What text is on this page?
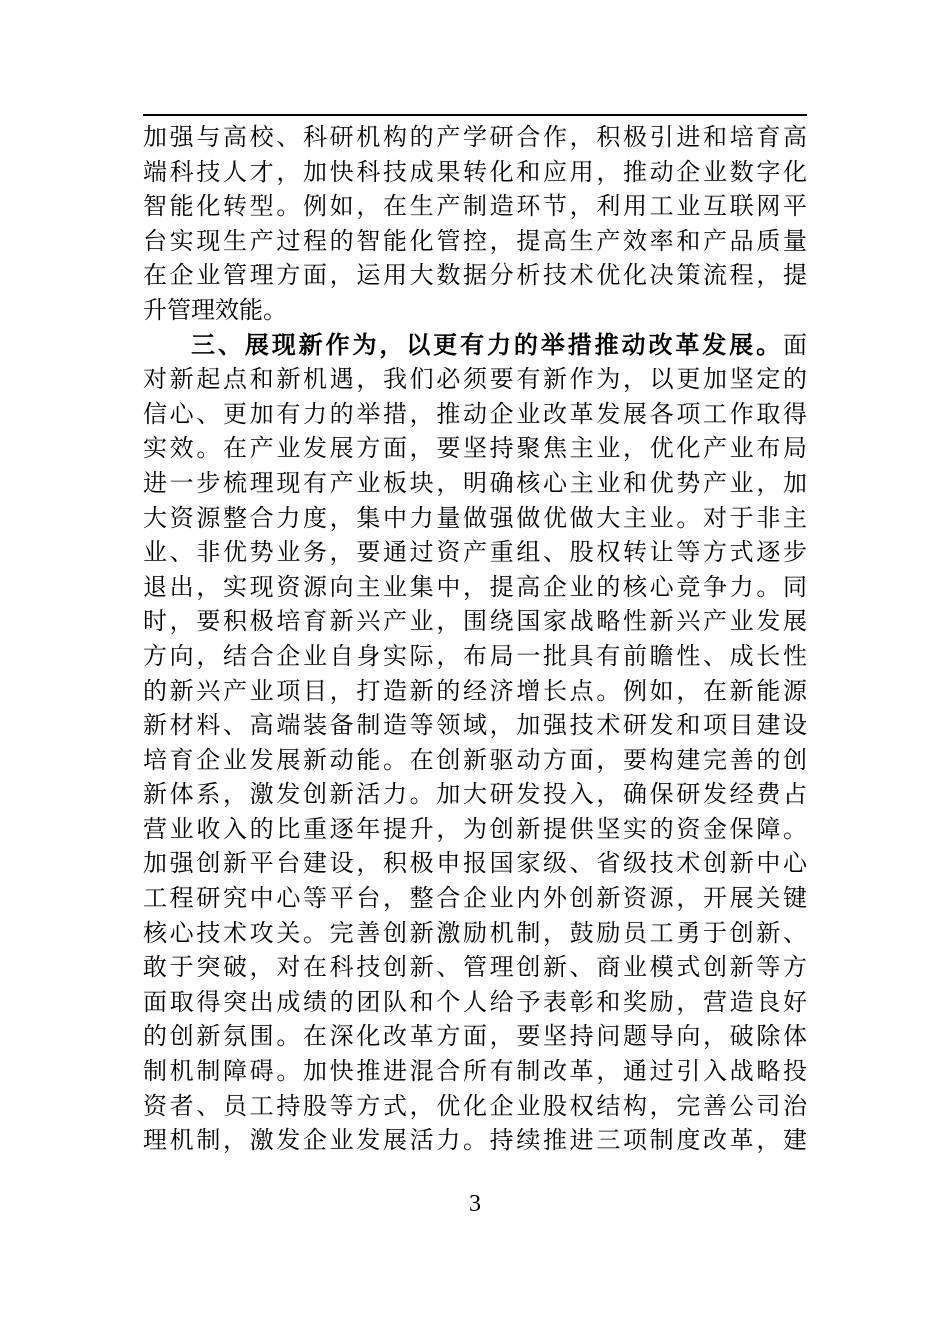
加强与高校、科研机构的产学研合作，积极引进和培育高
端科技人才，加快科技成果转化和应用，推动企业数字化
智能化转型。例如，在生产制造环节，利用工业互联网平
台实现生产过程的智能化管控，提高生产效率和产品质量
在企业管理方面，运用大数据分析技术优化决策流程，提
升管理效能。
三、展现新作为，以更有力的举措推动改革发展。面
对新起点和新机遇，我们必须要有新作为，以更加坚定的
信心、更加有力的举措，推动企业改革发展各项工作取得
实效。在产业发展方面，要坚持聚焦主业，优化产业布局
进一步梳理现有产业板块，明确核心主业和优势产业，加
大资源整合力度，集中力量做强做优做大主业。对于非主
业、非优势业务，要通过资产重组、股权转让等方式逐步
退出，实现资源向主业集中，提高企业的核心竞争力。同
时，要积极培育新兴产业，围绕国家战略性新兴产业发展
方向，结合企业自身实际，布局一批具有前瞻性、成长性
的新兴产业项目，打造新的经济增长点。例如，在新能源
新材料、高端装备制造等领域，加强技术研发和项目建设
培育企业发展新动能。在创新驱动方面，要构建完善的创
新体系，激发创新活力。加大研发投入，确保研发经费占
营业收入的比重逐年提升，为创新提供坚实的资金保障。
加强创新平台建设，积极申报国家级、省级技术创新中心
工程研究中心等平台，整合企业内外创新资源，开展关键
核心技术攻关。完善创新激励机制，鼓励员工勇于创新、
敢于突破，对在科技创新、管理创新、商业模式创新等方
面取得突出成绩的团队和个人给予表彰和奖励，营造良好
的创新氛围。在深化改革方面，要坚持问题导向，破除体
制机制障碍。加快推进混合所有制改革，通过引入战略投
资者、员工持股等方式，优化企业股权结构，完善公司治
理机制，激发企业发展活力。持续推进三项制度改革，建
3
